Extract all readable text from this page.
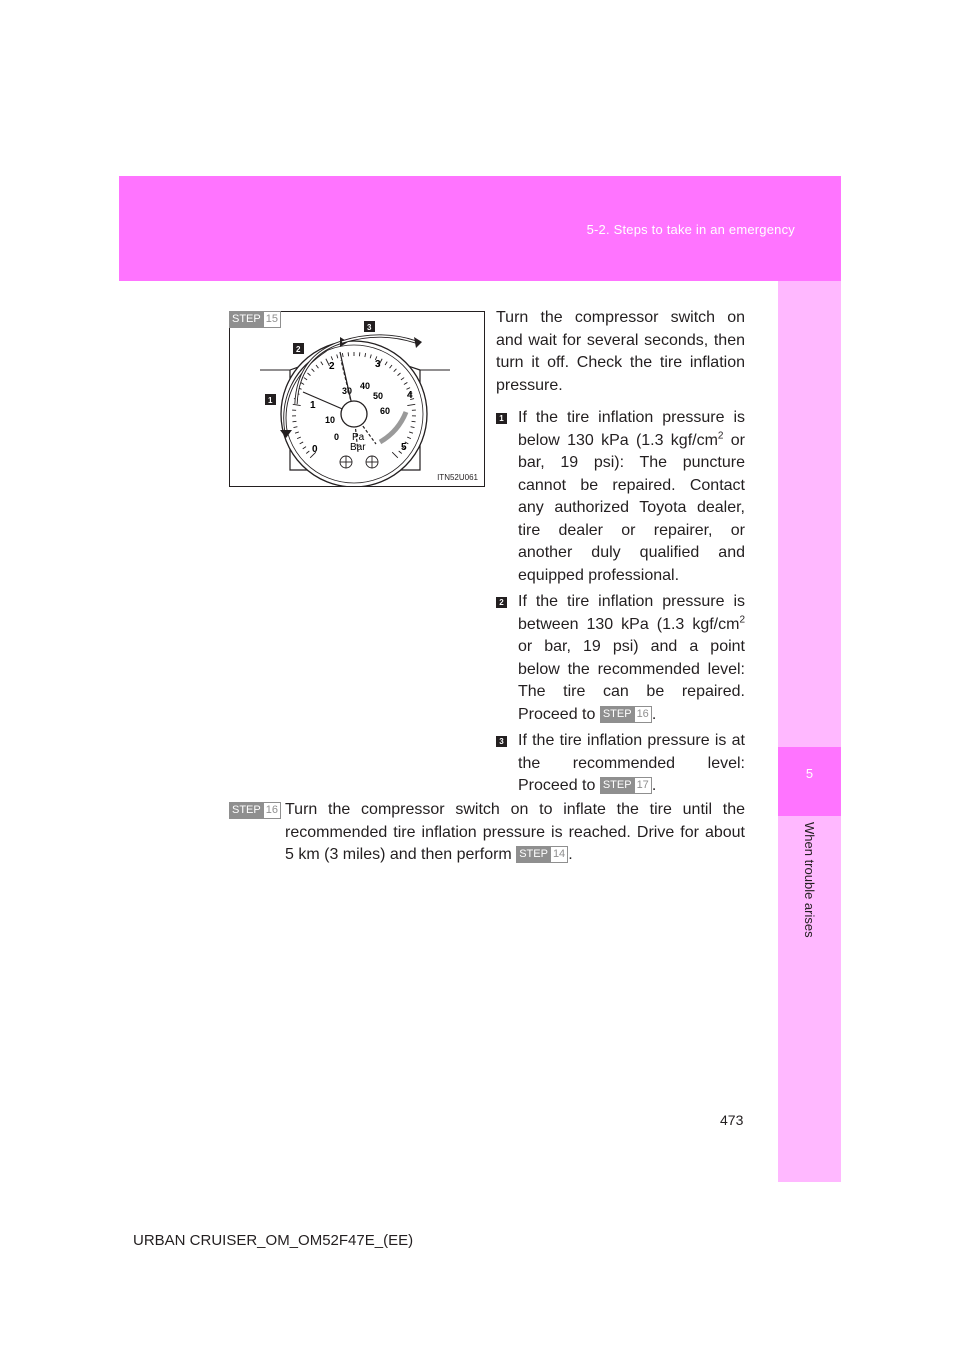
5-2. Steps to take in an emergency
5
When trouble arises
1
2	3
4
5
0
0
10
30 40
50
60
Pa
Bar
1
2
3
ITN52U061
STEP 15	Turn the compressor switch on and wait for several seconds, then turn it off. Check the tire inflation pressure.
1 If the tire inflation pressure is below 130 kPa (1.3 kgf/$cm^2$ or bar, 19 psi): The puncture cannot be repaired. Contact any authorized Toyota dealer, tire dealer or repairer, or another duly qualified and equipped professional.
2 If the tire inflation pressure is between 130 kPa (1.3 kgf/$cm^2$ or bar, 19 psi) and a point below the recommended level: The tire can be repaired. Proceed to STEP 16 .
3 If the tire inflation pressure is at the recommended level: Proceed to STEP 17 .
STEP 16 Turn the compressor switch on to inflate the tire until the recommended tire inflation pressure is reached. Drive for about 5 km (3 miles) and then perform STEP 14 .
473
URBAN CRUISER_OM_OM52F47E_(EE)
